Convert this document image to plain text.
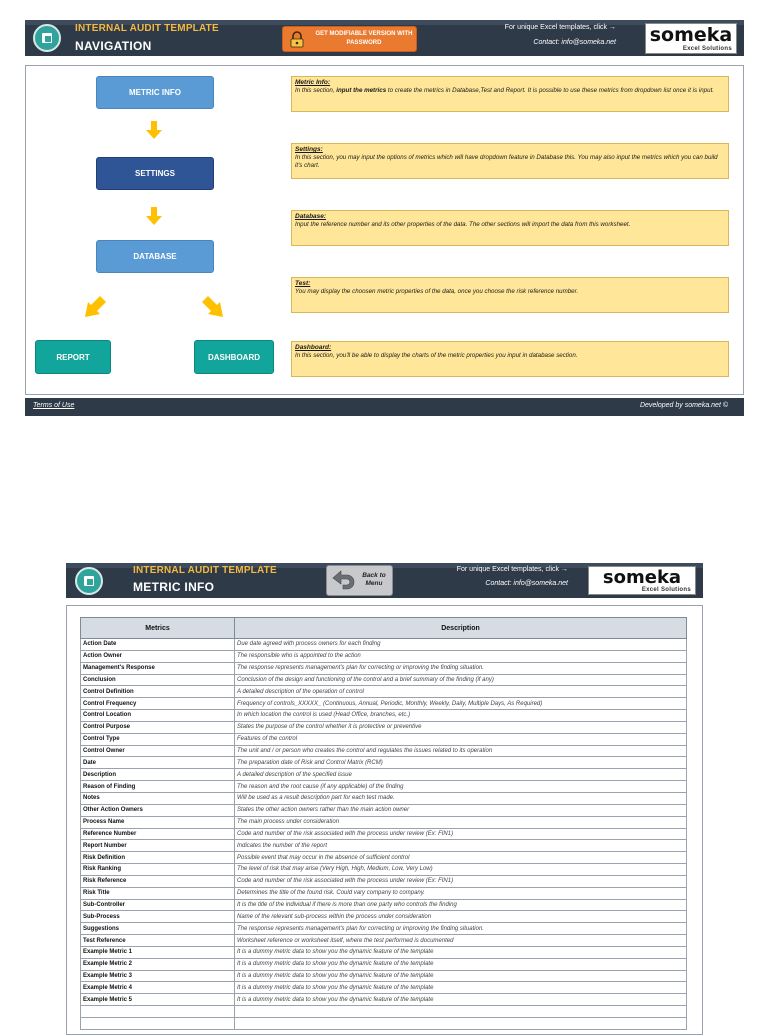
INTERNAL AUDIT TEMPLATE
NAVIGATION
GET MODIFIABLE VERSION WITH PASSWORD
For unique Excel templates, click →
Contact: info@someka.net someka
Excel Solutions
METRIC INFO
SETTINGS
DATABASE
REPORT	DASHBOARD
Metric Info:
In this section, input the metrics to create the metrics in Database,Test and Report. It is possible to use these metrics from dropdown list once it is input.
Settings:
In this section, you may input the options of metrics which will have dropdown feature in Database this. You may also input the metrics which you can build it's chart.
Database:
Input the reference number and its other properties of the data. The other sections will import the data from this worksheet.
Test:
You may display the choosen metric properties of the data, once you choose the risk reference number.
Dashboard:
In this section, you'll be able to display the charts of the metric properties you input in database section.
Terms of Use	Developed by someka.net ©
INTERNAL AUDIT TEMPLATE
METRIC INFO
Back to Menu
For unique Excel templates, click →
Contact: info@someka.net	someka
Excel Solutions
Metrics	Description
Action Date	Due date agreed with process owners for each finding
Action Owner	The responsible who is appointed to the action
Management's Response	The response represents management's plan for correcting or improving the finding situation.
Conclusion	Conclusion of the design and functioning of the control and a brief summary of the finding (if any)
Control Definition	A detailed description of the operation of control
Control Frequency	Frequency of controls_XXXXX_ (Continuous, Annual, Periodic, Monthly, Weekly, Daily, Multiple Days, As Required)
Control Location	In which location the control is used (Head Office, branches, etc.)
Control Purpose	States the purpose of the control whether it is protective or preventive
Control Type	Features of the control
Control Owner	The unit and / or person who creates the control and regulates the issues related to its operation
Date	The preparation date of Risk and Control Matrix (RCM)
Description	A detailed description of the specified issue
Reason of Finding	The reason and the root cause (if any applicable) of the finding
Notes	Will be used as a result description part for each test made.
Other Action Owners	States the other action owners rather than the main action owner
Process Name	The main process under consideration
Reference Number	Code and number of the risk associated with the process under review (Ex: FIN1)
Report Number	Indicates the number of the report
Risk Definition	Possible event that may occur in the absence of sufficient control
Risk Ranking	The level of risk that may arise (Very High, High, Medium, Low, Very Low)
Risk Reference	Code and number of the risk associated with the process under review (Ex: FIN1)
Risk Title	Determines the title of the found risk. Could vary company to company.
Sub-Controller	It is the title of the individual if there is more than one party who controls the finding
Sub-Process	Name of the relevant sub-process within the process under consideration
Suggestions	The response represents management's plan for correcting or improving the finding situation.
Test Reference	Worksheet reference or worksheet itself, where the test performed is documented
Example Metric 1	It is a dummy metric data to show you the dynamic feature of the template
Example Metric 2	It is a dummy metric data to show you the dynamic feature of the template
Example Metric 3	It is a dummy metric data to show you the dynamic feature of the template
Example Metric 4	It is a dummy metric data to show you the dynamic feature of the template
Example Metric 5	It is a dummy metric data to show you the dynamic feature of the template
